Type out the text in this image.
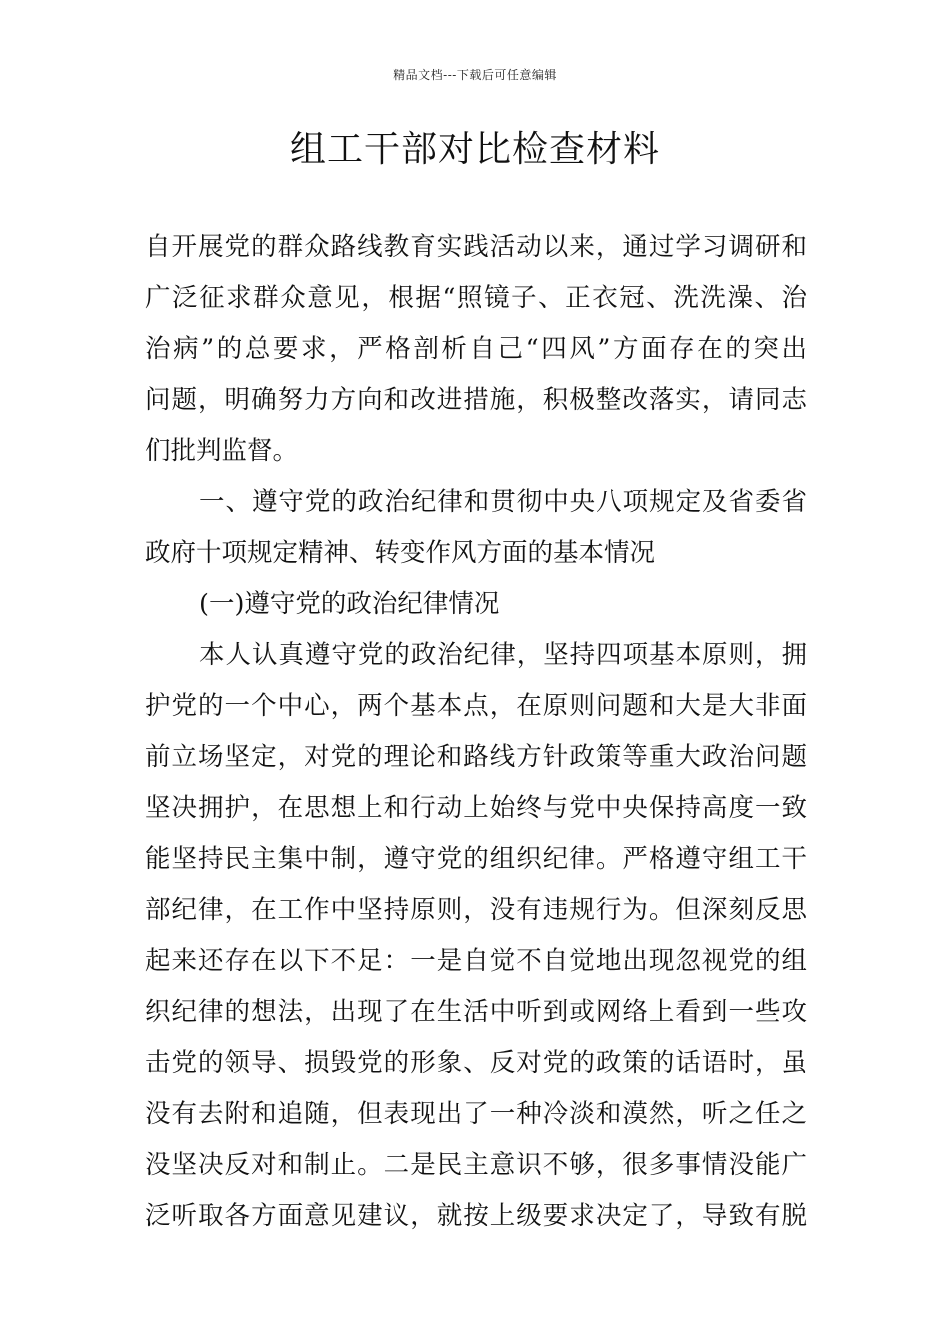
精品文档---下载后可任意编辑
组工干部对比检查材料
自开展党的群众路线教育实践活动以来，通过学习调研和
广泛征求群众意见，根据“照镜子、正衣冠、洗洗澡、治
治病”的总要求，严格剖析自己“四风”方面存在的突出
问题，明确努力方向和改进措施，积极整改落实，请同志
们批判监督。
一、遵守党的政治纪律和贯彻中央八项规定及省委省
政府十项规定精神、转变作风方面的基本情况
(一)遵守党的政治纪律情况
本人认真遵守党的政治纪律，坚持四项基本原则，拥
护党的一个中心，两个基本点，在原则问题和大是大非面
前立场坚定，对党的理论和路线方针政策等重大政治问题
坚决拥护，在思想上和行动上始终与党中央保持高度一致
能坚持民主集中制，遵守党的组织纪律。严格遵守组工干
部纪律，在工作中坚持原则，没有违规行为。但深刻反思
起来还存在以下不足：一是自觉不自觉地出现忽视党的组
织纪律的想法，出现了在生活中听到或网络上看到一些攻
击党的领导、损毁党的形象、反对党的政策的话语时，虽
没有去附和追随，但表现出了一种冷淡和漠然，听之任之
没坚决反对和制止。二是民主意识不够，很多事情没能广
泛听取各方面意见建议，就按上级要求决定了，导致有脱
